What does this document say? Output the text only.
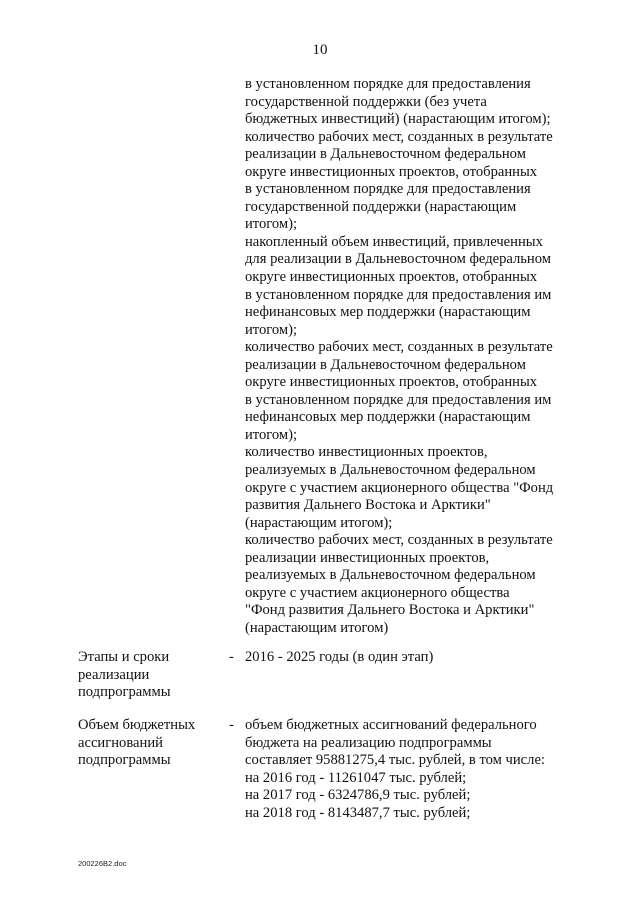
10
в установленном порядке для предоставления
государственной поддержки (без учета
бюджетных инвестиций) (нарастающим итогом);
количество рабочих мест, созданных в результате
реализации в Дальневосточном федеральном
округе инвестиционных проектов, отобранных
в установленном порядке для предоставления
государственной поддержки (нарастающим
итогом);
накопленный объем инвестиций, привлеченных
для реализации в Дальневосточном федеральном
округе инвестиционных проектов, отобранных
в установленном порядке для предоставления им
нефинансовых мер поддержки (нарастающим
итогом);
количество рабочих мест, созданных в результате
реализации в Дальневосточном федеральном
округе инвестиционных проектов, отобранных
в установленном порядке для предоставления им
нефинансовых мер поддержки (нарастающим
итогом);
количество инвестиционных проектов,
реализуемых в Дальневосточном федеральном
округе с участием акционерного общества "Фонд
развития Дальнего Востока и Арктики"
(нарастающим итогом);
количество рабочих мест, созданных в результате
реализации инвестиционных проектов,
реализуемых в Дальневосточном федеральном
округе с участием акционерного общества
"Фонд развития Дальнего Востока и Арктики"
(нарастающим итогом)
Этапы и сроки
реализации
подпрограммы
- 2016 - 2025 годы (в один этап)
Объем бюджетных
ассигнований
подпрограммы
- объем бюджетных ассигнований федерального
бюджета на реализацию подпрограммы
составляет 95881275,4 тыс. рублей, в том числе:
на 2016 год - 11261047 тыс. рублей;
на 2017 год - 6324786,9 тыс. рублей;
на 2018 год - 8143487,7 тыс. рублей;
200226В2.doc
